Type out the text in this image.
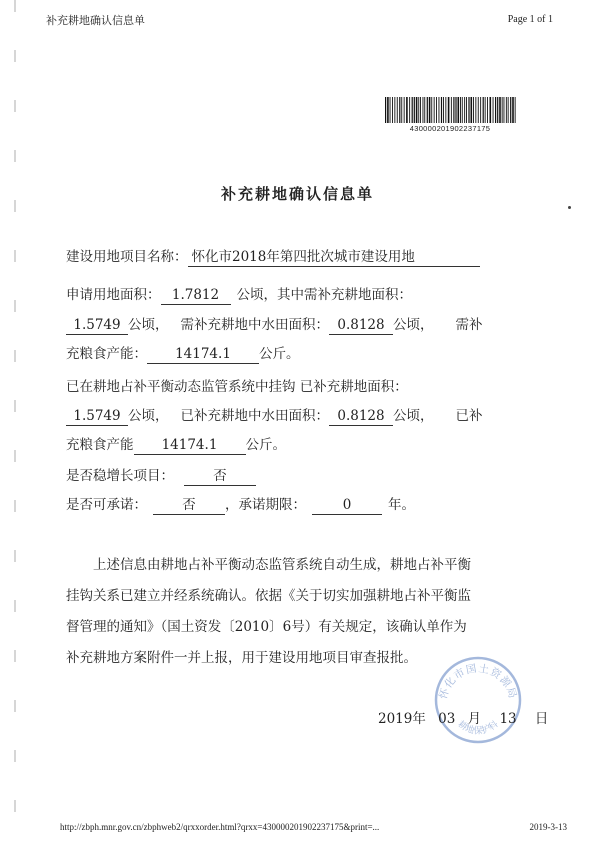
补充耕地确认信息单	Page 1 of 1
430000201902237175
补充耕地确认信息单
建设用地项目名称： 怀化市2018年第四批次城市建设用地
申请用地面积： 1.7812 公顷，其中需补充耕地面积：
1.5749 公顷， 需补充耕地中水田面积： 0.8128 公顷， 需补
充粮食产能： 14174.1 公斤。
已在耕地占补平衡动态监管系统中挂钩 已补充耕地面积：
1.5749 公顷， 已补充耕地中水田面积： 0.8128 公顷， 已补
充粮食产能 14174.1 公斤。
是否稳增长项目：	否
是否可承诺：	否 ，承诺期限：	0	年。
上述信息由耕地占补平衡动态监管系统自动生成，耕地占补平衡
挂钩关系已建立并经系统确认。依据《关于切实加强耕地占补平衡监
督管理的通知》（国土资发〔2010〕6号）有关规定，该确认单作为
补充耕地方案附件一并上报，用于建设用地项目审查报批。
怀化市国土资源局
耕地保护科
2019年 03 月 13 日
http://zbph.mnr.gov.cn/zbphweb2/qrxxorder.html?qrxx=430000201902237175&print=...	2019-3-13
